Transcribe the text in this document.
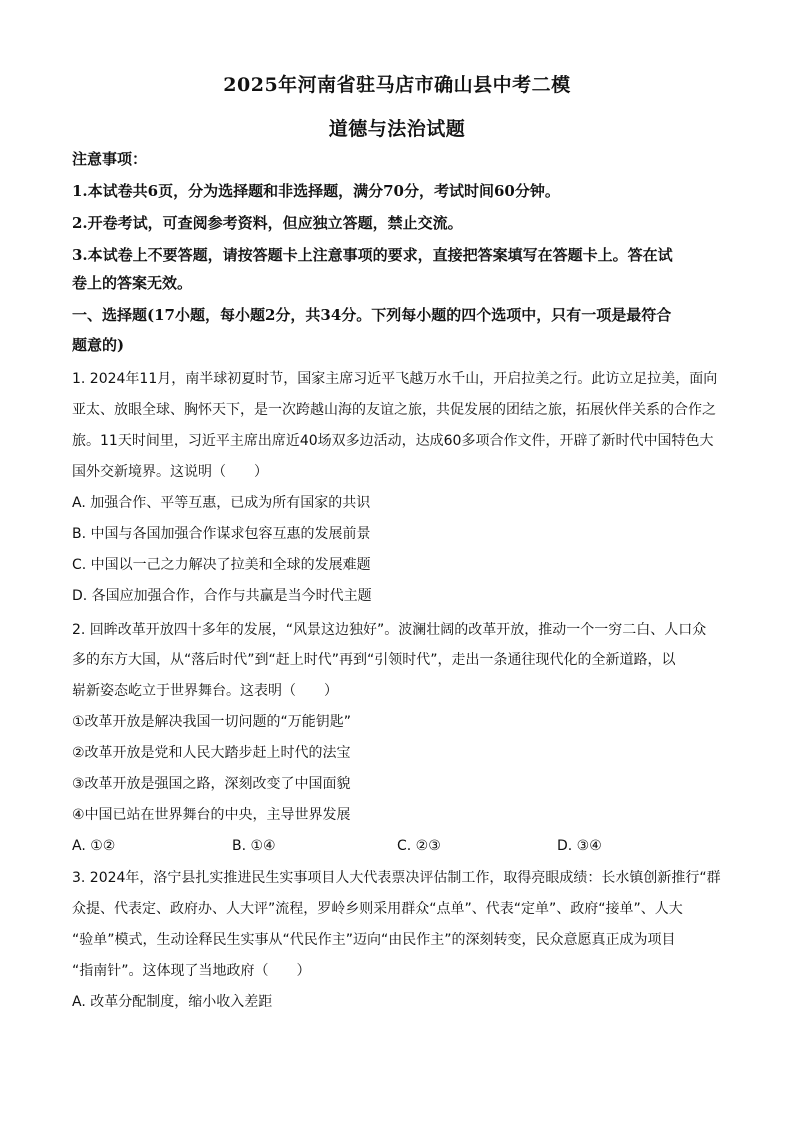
2025年河南省驻马店市确山县中考二模
道德与法治试题
注意事项：
1.本试卷共6页，分为选择题和非选择题，满分70分，考试时间60分钟。
2.开卷考试，可查阅参考资料，但应独立答题，禁止交流。
3.本试卷上不要答题，请按答题卡上注意事项的要求，直接把答案填写在答题卡上。答在试
卷上的答案无效。
一、选择题(17小题，每小题2分，共34分。下列每小题的四个选项中，只有一项是最符合
题意的)
1. 2024年11月，南半球初夏时节，国家主席习近平飞越万水千山，开启拉美之行。此访立足拉美，面向
亚太、放眼全球、胸怀天下，是一次跨越山海的友谊之旅，共促发展的团结之旅，拓展伙伴关系的合作之
旅。11天时间里，习近平主席出席近40场双多边活动，达成60多项合作文件，开辟了新时代中国特色大
国外交新境界。这说明（　　）
A. 加强合作、平等互惠，已成为所有国家的共识
B. 中国与各国加强合作谋求包容互惠的发展前景
C. 中国以一己之力解决了拉美和全球的发展难题
D. 各国应加强合作，合作与共赢是当今时代主题
2. 回眸改革开放四十多年的发展，“风景这边独好”。波澜壮阔的改革开放，推动一个一穷二白、人口众
多的东方大国，从“落后时代”到“赶上时代”再到“引领时代”，走出一条通往现代化的全新道路，以
崭新姿态屹立于世界舞台。这表明（　　）
①改革开放是解决我国一切问题的“万能钥匙”
②改革开放是党和人民大踏步赶上时代的法宝
③改革开放是强国之路，深刻改变了中国面貌
④中国已站在世界舞台的中央，主导世界发展
A. ①②	B. ①④	C. ②③	D. ③④
3. 2024年，洛宁县扎实推进民生实事项目人大代表票决评估制工作，取得亮眼成绩：长水镇创新推行“群
众提、代表定、政府办、人大评”流程，罗岭乡则采用群众“点单”、代表“定单”、政府“接单”、人大
“验单”模式，生动诠释民生实事从“代民作主”迈向“由民作主”的深刻转变，民众意愿真正成为项目
“指南针”。这体现了当地政府（　　）
A. 改革分配制度，缩小收入差距
